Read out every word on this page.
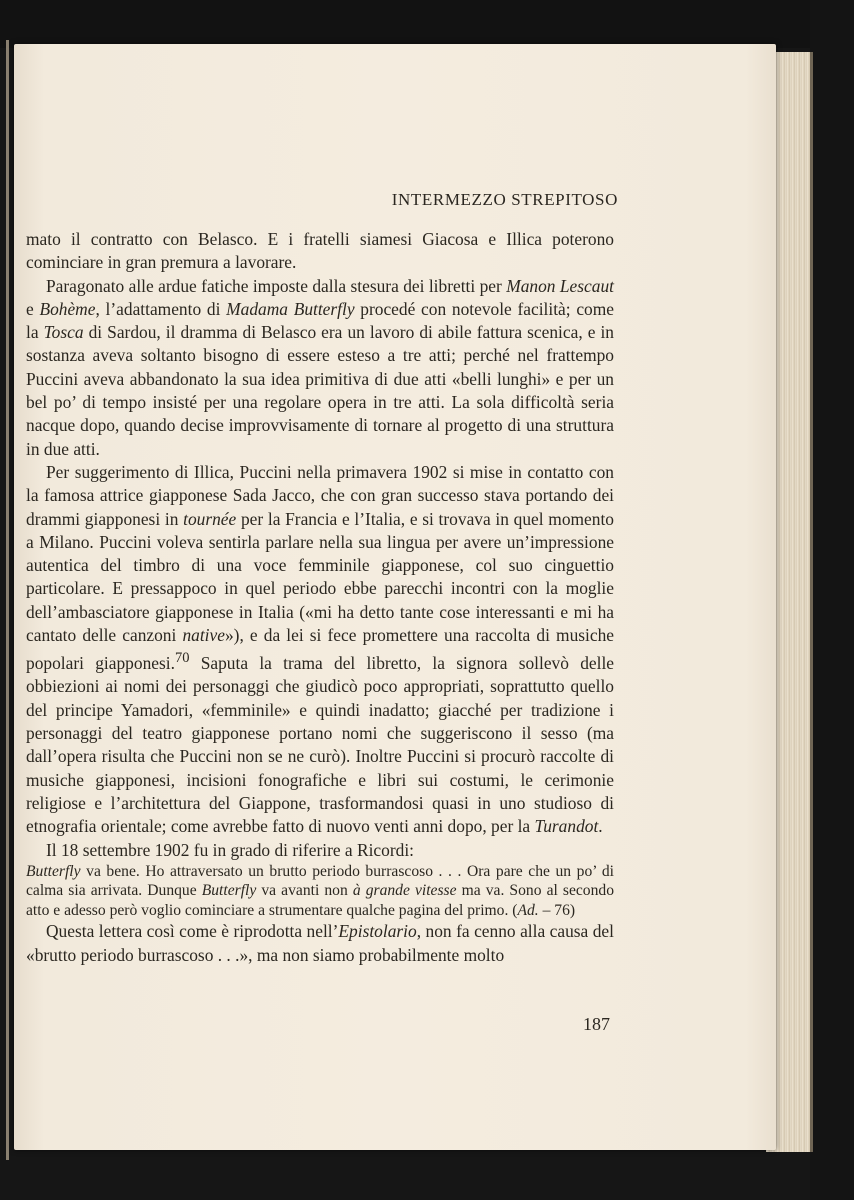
INTERMEZZO STREPITOSO

mato il contratto con Belasco. E i fratelli siamesi Giacosa e Illica poterono cominciare in gran premura a lavorare.

Paragonato alle ardue fatiche imposte dalla stesura dei libretti per Manon Lescaut e Bohème, l’adattamento di Madama Butterfly procedé con notevole facilità; come la Tosca di Sardou, il dramma di Belasco era un lavoro di abile fattura scenica, e in sostanza aveva soltanto bisogno di essere esteso a tre atti; perché nel frattempo Puccini aveva abbandonato la sua idea primitiva di due atti «belli lunghi» e per un bel po’ di tempo insisté per una regolare opera in tre atti. La sola difficoltà seria nacque dopo, quando decise improvvisamente di tornare al progetto di una struttura in due atti.

Per suggerimento di Illica, Puccini nella primavera 1902 si mise in contatto con la famosa attrice giapponese Sada Jacco, che con gran successo stava portando dei drammi giapponesi in tournée per la Francia e l’Italia, e si trovava in quel momento a Milano. Puccini voleva sentirla parlare nella sua lingua per avere un’impressione autentica del timbro di una voce femminile giapponese, col suo cinguettio particolare. E pressappoco in quel periodo ebbe parecchi incontri con la moglie dell’ambasciatore giapponese in Italia («mi ha detto tante cose interessanti e mi ha cantato delle canzoni native»), e da lei si fece promettere una raccolta di musiche popolari giapponesi.$^{70}$ Saputa la trama del libretto, la signora sollevò delle obbiezioni ai nomi dei personaggi che giudicò poco appropriati, soprattutto quello del principe Yamadori, «femminile» e quindi inadatto; giacché per tradizione i personaggi del teatro giapponese portano nomi che suggeriscono il sesso (ma dall’opera risulta che Puccini non se ne curò). Inoltre Puccini si procurò raccolte di musiche giapponesi, incisioni fonografiche e libri sui costumi, le cerimonie religiose e l’architettura del Giappone, trasformandosi quasi in uno studioso di etnografia orientale; come avrebbe fatto di nuovo venti anni dopo, per la Turandot.

Il 18 settembre 1902 fu in grado di riferire a Ricordi:

Butterfly va bene. Ho attraversato un brutto periodo burrascoso . . . Ora pare che un po’ di calma sia arrivata. Dunque Butterfly va avanti non à grande vitesse ma va. Sono al secondo atto e adesso però voglio cominciare a strumentare qualche pagina del primo. (Ad. – 76)

Questa lettera così come è riprodotta nell’Epistolario, non fa cenno alla causa del «brutto periodo burrascoso . . .», ma non siamo probabilmente molto

187
